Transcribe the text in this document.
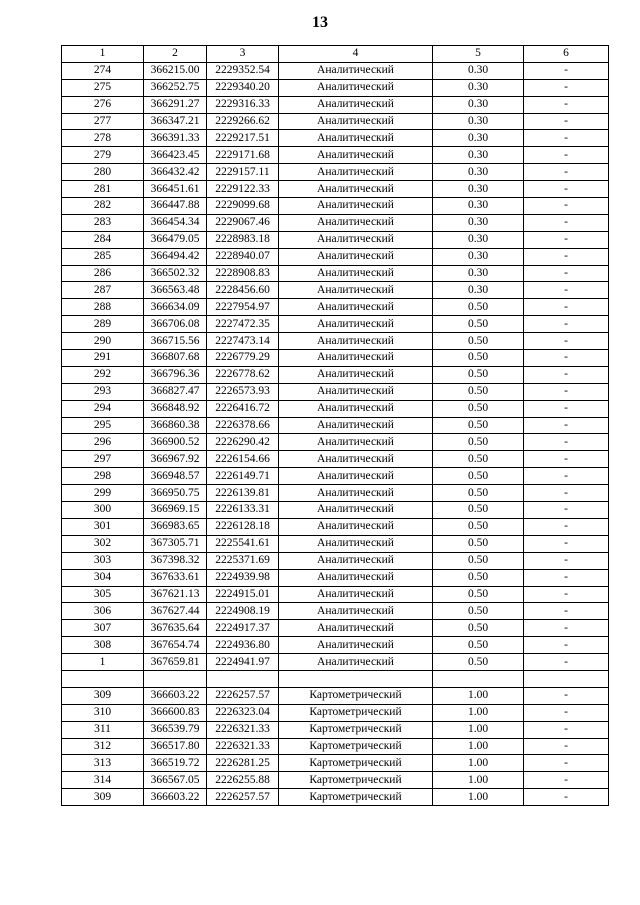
13
1	2	3	4	5	6
274	366215.00	2229352.54	Аналитический	0.30	-
275	366252.75	2229340.20	Аналитический	0.30	-
276	366291.27	2229316.33	Аналитический	0.30	-
277	366347.21	2229266.62	Аналитический	0.30	-
278	366391.33	2229217.51	Аналитический	0.30	-
279	366423.45	2229171.68	Аналитический	0.30	-
280	366432.42	2229157.11	Аналитический	0.30	-
281	366451.61	2229122.33	Аналитический	0.30	-
282	366447.88	2229099.68	Аналитический	0.30	-
283	366454.34	2229067.46	Аналитический	0.30	-
284	366479.05	2228983.18	Аналитический	0.30	-
285	366494.42	2228940.07	Аналитический	0.30	-
286	366502.32	2228908.83	Аналитический	0.30	-
287	366563.48	2228456.60	Аналитический	0.30	-
288	366634.09	2227954.97	Аналитический	0.50	-
289	366706.08	2227472.35	Аналитический	0.50	-
290	366715.56	2227473.14	Аналитический	0.50	-
291	366807.68	2226779.29	Аналитический	0.50	-
292	366796.36	2226778.62	Аналитический	0.50	-
293	366827.47	2226573.93	Аналитический	0.50	-
294	366848.92	2226416.72	Аналитический	0.50	-
295	366860.38	2226378.66	Аналитический	0.50	-
296	366900.52	2226290.42	Аналитический	0.50	-
297	366967.92	2226154.66	Аналитический	0.50	-
298	366948.57	2226149.71	Аналитический	0.50	-
299	366950.75	2226139.81	Аналитический	0.50	-
300	366969.15	2226133.31	Аналитический	0.50	-
301	366983.65	2226128.18	Аналитический	0.50	-
302	367305.71	2225541.61	Аналитический	0.50	-
303	367398.32	2225371.69	Аналитический	0.50	-
304	367633.61	2224939.98	Аналитический	0.50	-
305	367621.13	2224915.01	Аналитический	0.50	-
306	367627.44	2224908.19	Аналитический	0.50	-
307	367635.64	2224917.37	Аналитический	0.50	-
308	367654.74	2224936.80	Аналитический	0.50	-
1	367659.81	2224941.97	Аналитический	0.50	-

309	366603.22	2226257.57	Картометрический	1.00	-
310	366600.83	2226323.04	Картометрический	1.00	-
311	366539.79	2226321.33	Картометрический	1.00	-
312	366517.80	2226321.33	Картометрический	1.00	-
313	366519.72	2226281.25	Картометрический	1.00	-
314	366567.05	2226255.88	Картометрический	1.00	-
309	366603.22	2226257.57	Картометрический	1.00	-
